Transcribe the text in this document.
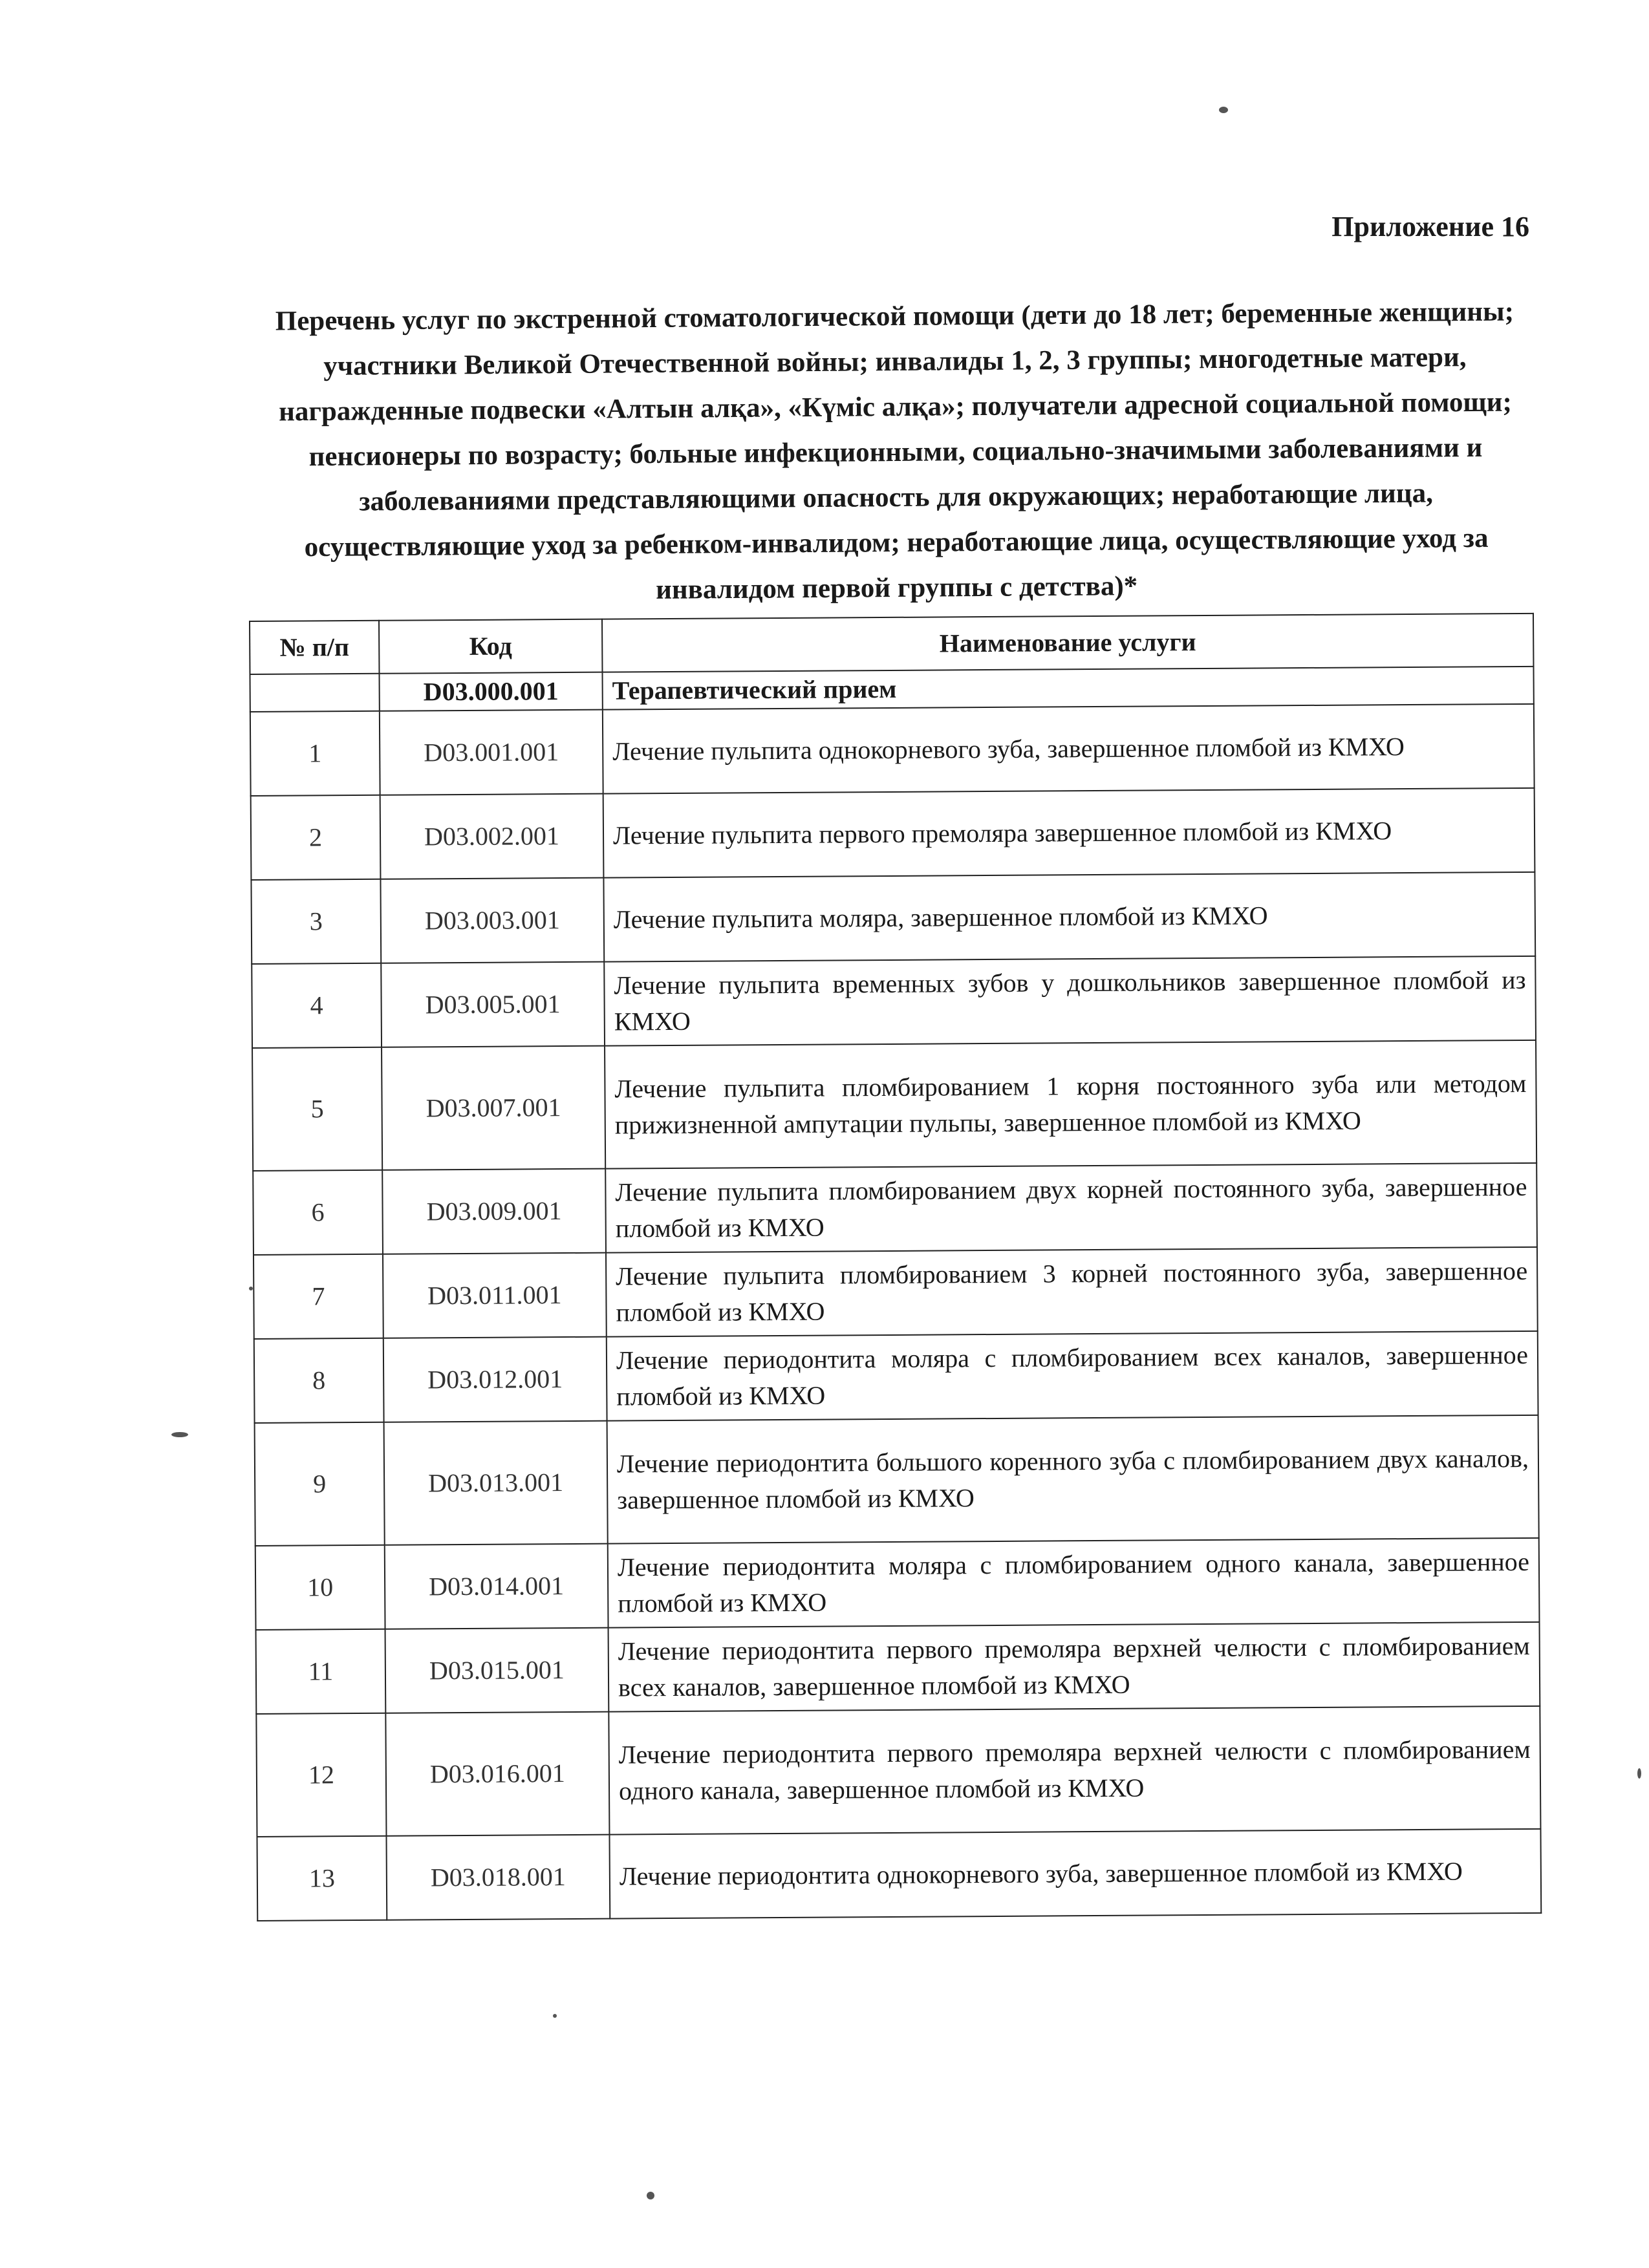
Приложение 16

Перечень услуг по экстренной стоматологической помощи (дети до 18 лет; беременные женщины; участники Великой Отечественной войны; инвалиды 1, 2, 3 группы; многодетные матери, награжденные подвески «Алтын алқа», «Күміс алқа»; получатели адресной социальной помощи; пенсионеры по возрасту; больные инфекционными, социально-значимыми заболеваниями и заболеваниями представляющими опасность для окружающих; неработающие лица, осуществляющие уход за ребенком-инвалидом; неработающие лица, осуществляющие уход за инвалидом первой группы с детства)*

№ п/п	Код	Наименование услуги
	D03.000.001	Терапевтический прием
1	D03.001.001	Лечение пульпита однокорневого зуба, завершенное пломбой из КМХО
2	D03.002.001	Лечение пульпита первого премоляра завершенное пломбой из КМХО
3	D03.003.001	Лечение пульпита моляра, завершенное пломбой из КМХО
4	D03.005.001	Лечение пульпита временных зубов у дошкольников завершенное пломбой из КМХО
5	D03.007.001	Лечение пульпита пломбированием 1 корня постоянного зуба или методом прижизненной ампутации пульпы, завершенное пломбой из КМХО
6	D03.009.001	Лечение пульпита пломбированием двух корней постоянного зуба, завершенное пломбой из КМХО
7	D03.011.001	Лечение пульпита пломбированием 3 корней постоянного зуба, завершенное пломбой из КМХО
8	D03.012.001	Лечение периодонтита моляра с пломбированием всех каналов, завершенное пломбой из КМХО
9	D03.013.001	Лечение периодонтита большого коренного зуба с пломбированием двух каналов, завершенное пломбой из КМХО
10	D03.014.001	Лечение периодонтита моляра с пломбированием одного канала, завершенное пломбой из КМХО
11	D03.015.001	Лечение периодонтита первого премоляра верхней челюсти с пломбированием всех каналов, завершенное пломбой из КМХО
12	D03.016.001	Лечение периодонтита первого премоляра верхней челюсти с пломбированием одного канала, завершенное пломбой из КМХО
13	D03.018.001	Лечение периодонтита однокорневого зуба, завершенное пломбой из КМХО
